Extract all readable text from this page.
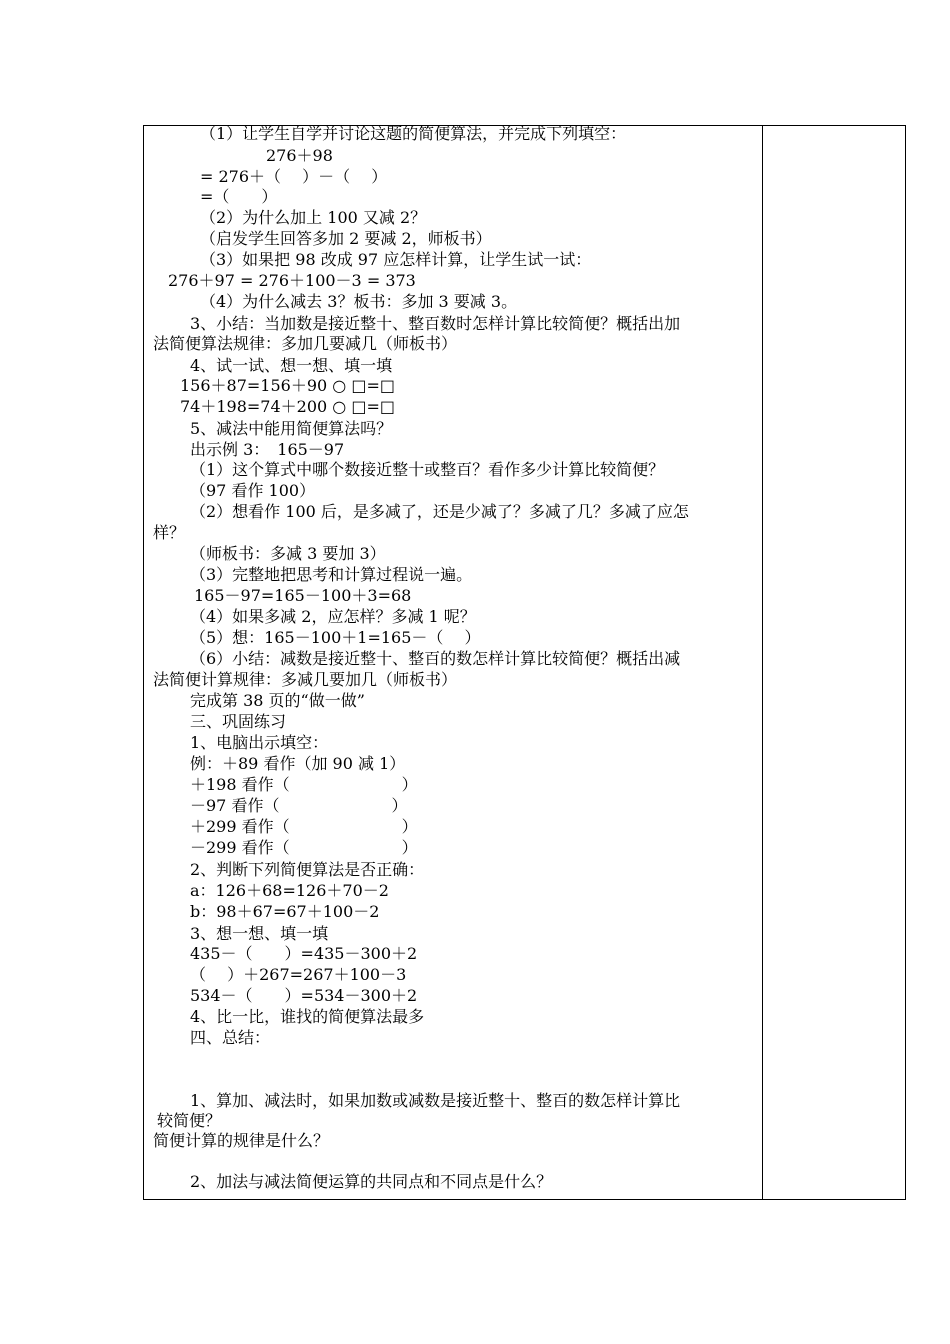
（1）让学生自学并讨论这题的简便算法，并完成下列填空：
276＋98
= 276＋（　 ）－（　 ）
=（　　）
（2）为什么加上 100 又减 2？
（启发学生回答多加 2 要减 2，师板书）
（3）如果把 98 改成 97 应怎样计算，让学生试一试：
276＋97 = 276＋100－3 = 373
（4）为什么减去 3？板书：多加 3 要减 3。
3、小结：当加数是接近整十、整百数时怎样计算比较简便？概括出加
法简便算法规律：多加几要减几（师板书）
4、试一试、想一想、填一填
156＋87=156＋90 ○ □=□
74＋198=74＋200 ○ □=□
5、减法中能用简便算法吗？
出示例 3：　165－97
（1）这个算式中哪个数接近整十或整百？看作多少计算比较简便？
（97 看作 100）
（2）想看作 100 后，是多减了，还是少减了？多减了几？多减了应怎
样？
（师板书：多减 3 要加 3）
（3）完整地把思考和计算过程说一遍。
165－97=165－100＋3=68
（4）如果多减 2，应怎样？多减 1 呢？
（5）想：165－100＋1=165－（　 ）
（6）小结：减数是接近整十、整百的数怎样计算比较简便？概括出减
法简便计算规律：多减几要加几（师板书）
完成第 38 页的“做一做”
三、巩固练习
1、电脑出示填空：
例：＋89 看作（加 90 减 1）
＋198 看作（　　　　　　　）
－97 看作（　　　　　　　）
＋299 看作（　　　　　　　）
－299 看作（　　　　　　　）
2、判断下列简便算法是否正确：
a：126＋68=126＋70－2
b：98＋67=67＋100－2
3、想一想、填一填
435－（　　）=435－300＋2
（　 ）＋267=267＋100－3
534－（　　）=534－300＋2
4、比一比，谁找的简便算法最多
四、总结：
1、算加、减法时，如果加数或减数是接近整十、整百的数怎样计算比
较简便？
简便计算的规律是什么？
2、加法与减法简便运算的共同点和不同点是什么？
